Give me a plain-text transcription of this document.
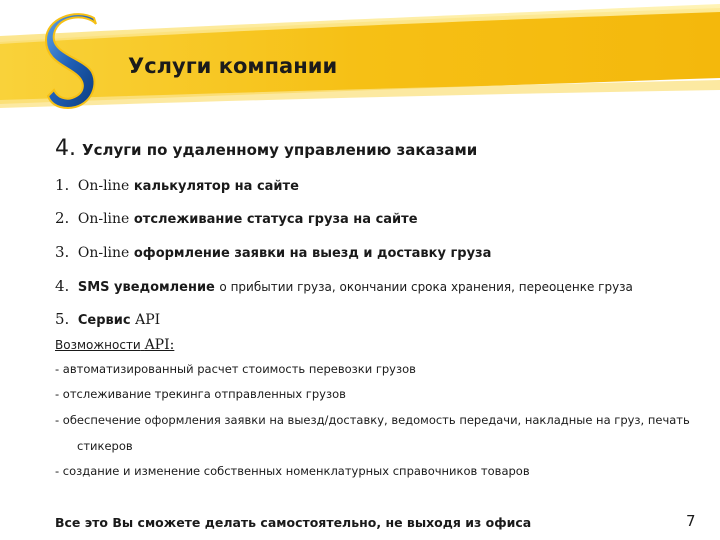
Услуги компании
4. Услуги по удаленному управлению заказами
1. On-line калькулятор на сайте
2. On-line отслеживание статуса груза на сайте
3. On-line оформление заявки на выезд и доставку груза
4. SMS уведомление о прибытии груза, окончании срока хранения, переоценке груза
5. Сервис API
Возможности API:
- автоматизированный расчет стоимость перевозки грузов
- отслеживание трекинга отправленных грузов
- обеспечение оформления заявки на выезд/доставку, ведомость передачи, накладные на груз, печать
стикеров
- создание и изменение собственных номенклатурных справочников товаров
Все это Вы сможете делать самостоятельно, не выходя из офиса	7
